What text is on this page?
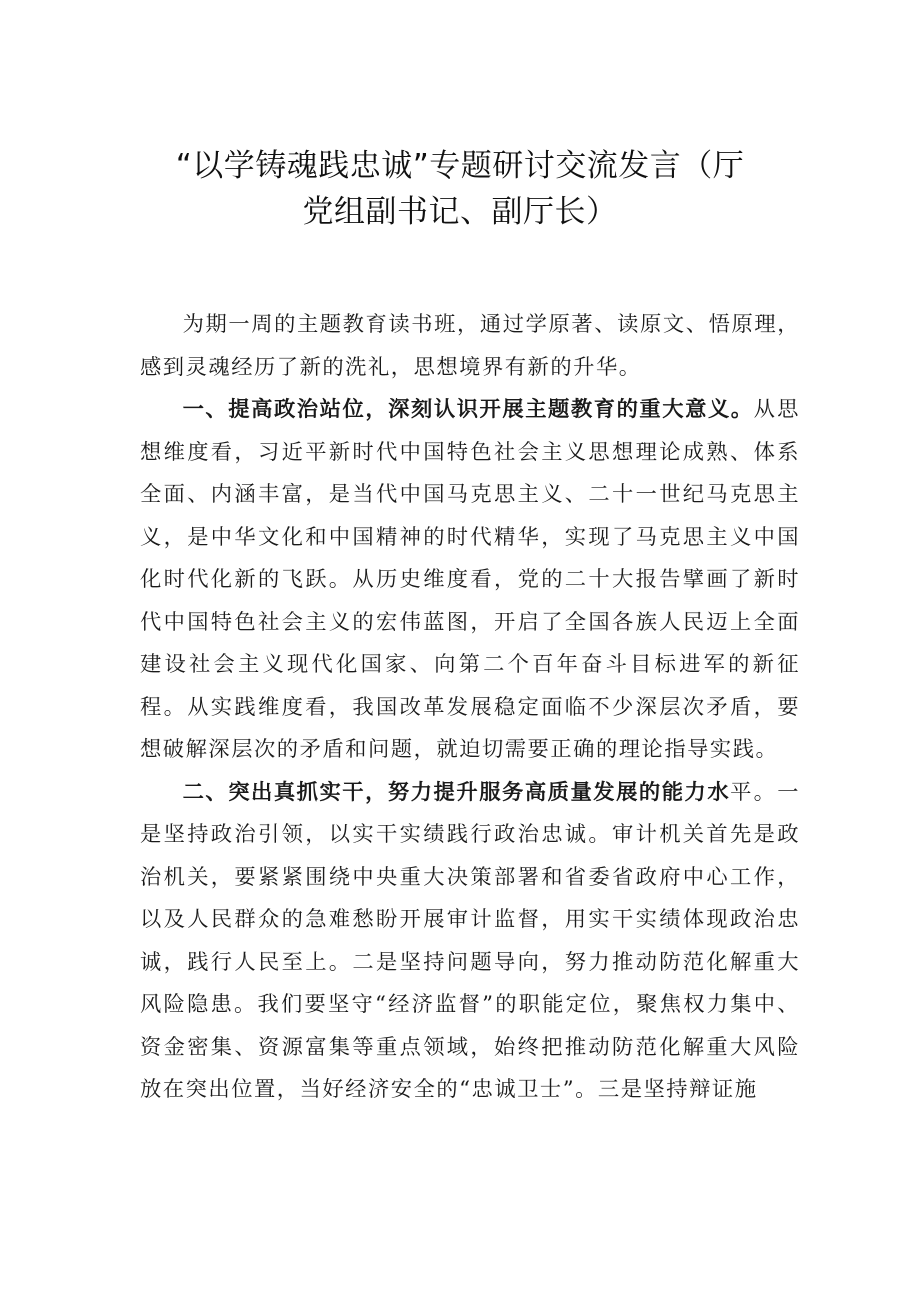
“以学铸魂践忠诚”专题研讨交流发言（厅
党组副书记、副厅长）

为期一周的主题教育读书班，通过学原著、读原文、悟原理，感到灵魂经历了新的洗礼，思想境界有新的升华。

一、提高政治站位，深刻认识开展主题教育的重大意义。从思想维度看，习近平新时代中国特色社会主义思想理论成熟、体系全面、内涵丰富，是当代中国马克思主义、二十一世纪马克思主义，是中华文化和中国精神的时代精华，实现了马克思主义中国化时代化新的飞跃。从历史维度看，党的二十大报告擘画了新时代中国特色社会主义的宏伟蓝图，开启了全国各族人民迈上全面建设社会主义现代化国家、向第二个百年奋斗目标进军的新征程。从实践维度看，我国改革发展稳定面临不少深层次矛盾，要想破解深层次的矛盾和问题，就迫切需要正确的理论指导实践。

二、突出真抓实干，努力提升服务高质量发展的能力水平。一是坚持政治引领，以实干实绩践行政治忠诚。审计机关首先是政治机关，要紧紧围绕中央重大决策部署和省委省政府中心工作，以及人民群众的急难愁盼开展审计监督，用实干实绩体现政治忠诚，践行人民至上。二是坚持问题导向，努力推动防范化解重大风险隐患。我们要坚守“经济监督”的职能定位，聚焦权力集中、资金密集、资源富集等重点领域，始终把推动防范化解重大风险放在突出位置，当好经济安全的“忠诚卫士”。三是坚持辩证施
